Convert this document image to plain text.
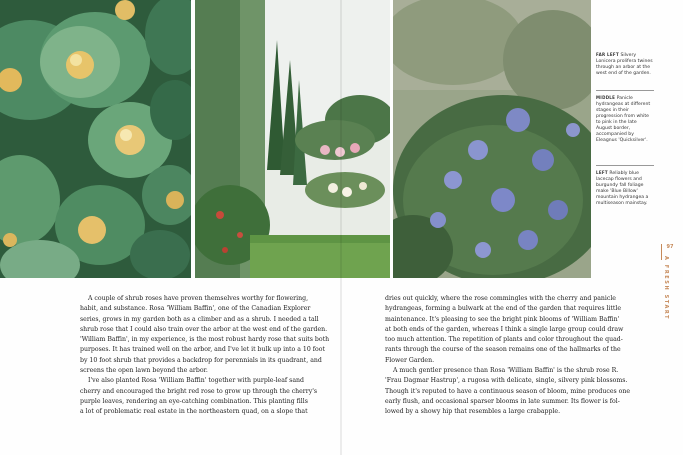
FAR LEFT Silvery Lonicera prolifera twines through an arbor at the west end of the garden.
MIDDLE Panicle hydrangeas at different stages in their progression from white to pink in the late August border, accompanied by Eleagnus 'Quicksilver'.
LEFT Reliably blue lacecap flowers and burgundy fall foliage make 'Blue Billow' mountain hydrangea a multiseason mainstay.
97
A FRESH START
A couple of shrub roses have proven themselves worthy for flowering,
habit, and substance. Rosa 'William Baffin', one of the Canadian Explorer
series, grows in my garden both as a climber and as a shrub. I needed a tall
shrub rose that I could also train over the arbor at the west end of the garden.
'William Baffin', in my experience, is the most robust hardy rose that suits both
purposes. It has trained well on the arbor, and I've let it bulk up into a 10 foot
by 10 foot shrub that provides a backdrop for perennials in its quadrant, and
screens the open lawn beyond the arbor.
I've also planted Rosa 'William Baffin' together with purple-leaf sand
cherry and encouraged the bright red rose to grow up through the cherry's
purple leaves, rendering an eye-catching combination. This planting fills
a lot of problematic real estate in the northeastern quad, on a slope that
dries out quickly, where the rose commingles with the cherry and panicle
hydrangeas, forming a bulwark at the end of the garden that requires little
maintenance. It's pleasing to see the bright pink blooms of 'William Baffin'
at both ends of the garden, whereas I think a single large group could draw
too much attention. The repetition of plants and color throughout the quad-
rants through the course of the season remains one of the hallmarks of the
Flower Garden.
A much gentler presence than Rosa 'William Baffin' is the shrub rose R.
'Frau Dagmar Hastrup', a rugosa with delicate, single, silvery pink blossoms.
Though it's reputed to have a continuous season of bloom, mine produces one
early flush, and occasional sparser blooms in late summer. Its flower is fol-
lowed by a showy hip that resembles a large crabapple.
